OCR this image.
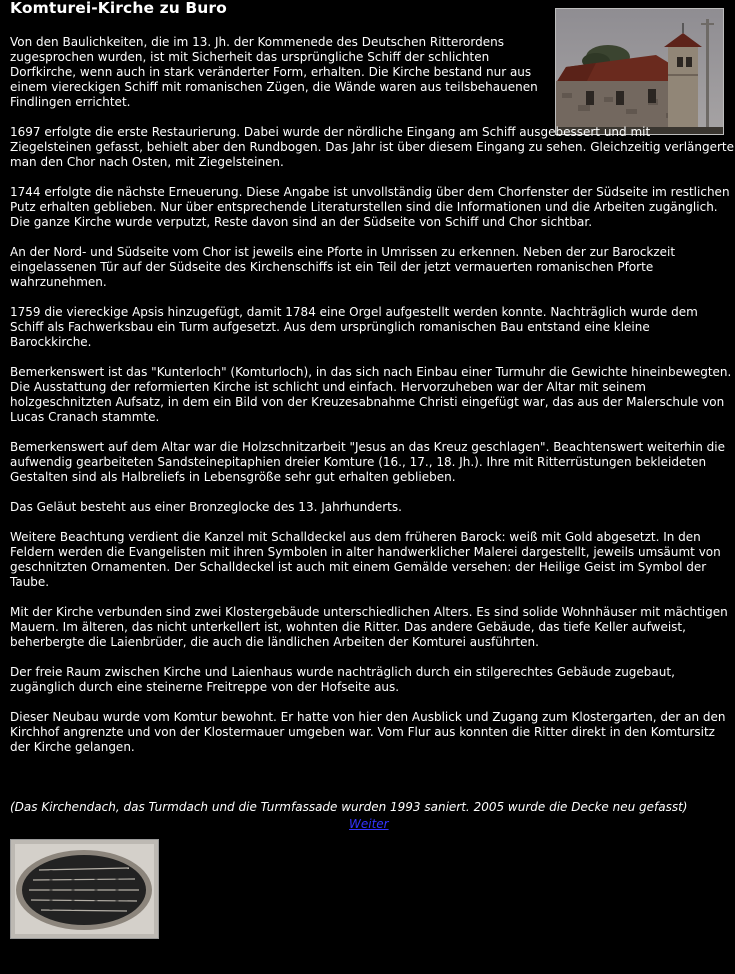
Komturei-Kirche zu Buro

Von den Baulichkeiten, die im 13. Jh. der Kommenede des Deutschen Ritterordens zugesprochen wurden, ist mit Sicherheit das ursprüngliche Schiff der schlichten Dorfkirche, wenn auch in stark veränderter Form, erhalten. Die Kirche bestand nur aus einem viereckigen Schiff mit romanischen Zügen, die Wände waren aus teilsbehauenen Findlingen errichtet.

1697 erfolgte die erste Restaurierung. Dabei wurde der nördliche Eingang am Schiff ausgebessert und mit Ziegelsteinen gefasst, behielt aber den Rundbogen. Das Jahr ist über diesem Eingang zu sehen. Gleichzeitig verlängerte man den Chor nach Osten, mit Ziegelsteinen.

1744 erfolgte die nächste Erneuerung. Diese Angabe ist unvollständig über dem Chorfenster der Südseite im restlichen Putz erhalten geblieben. Nur über entsprechende Literaturstellen sind die Informationen und die Arbeiten zugänglich. Die ganze Kirche wurde verputzt, Reste davon sind an der Südseite von Schiff und Chor sichtbar.

An der Nord- und Südseite vom Chor ist jeweils eine Pforte in Umrissen zu erkennen. Neben der zur Barockzeit eingelassenen Tür auf der Südseite des Kirchenschiffs ist ein Teil der jetzt vermauerten romanischen Pforte wahrzunehmen.

1759 die viereckige Apsis hinzugefügt, damit 1784 eine Orgel aufgestellt werden konnte. Nachträglich wurde dem Schiff als Fachwerksbau ein Turm aufgesetzt. Aus dem ursprünglich romanischen Bau entstand eine kleine Barockkirche.

Bemerkenswert ist das "Kunterloch" (Komturloch), in das sich nach Einbau einer Turmuhr die Gewichte hineinbewegten. Die Ausstattung der reformierten Kirche ist schlicht und einfach. Hervorzuheben war der Altar mit seinem holzgeschnitzten Aufsatz, in dem ein Bild von der Kreuzesabnahme Christi eingefügt war, das aus der Malerschule von Lucas Cranach stammte.

Bemerkenswert auf dem Altar war die Holzschnitzarbeit "Jesus an das Kreuz geschlagen". Beachtenswert weiterhin die aufwendig gearbeiteten Sandsteinepitaphien dreier Komture (16., 17., 18. Jh.). Ihre mit Ritterrüstungen bekleideten Gestalten sind als Halbreliefs in Lebensgröße sehr gut erhalten geblieben.

Das Geläut besteht aus einer Bronzeglocke des 13. Jahrhunderts.

Weitere Beachtung verdient die Kanzel mit Schalldeckel aus dem früheren Barock: weiß mit Gold abgesetzt. In den Feldern werden die Evangelisten mit ihren Symbolen in alter handwerklicher Malerei dargestellt, jeweils umsäumt von geschnitzten Ornamenten. Der Schalldeckel ist auch mit einem Gemälde versehen: der Heilige Geist im Symbol der Taube.

Mit der Kirche verbunden sind zwei Klostergebäude unterschiedlichen Alters. Es sind solide Wohnhäuser mit mächtigen Mauern. Im älteren, das nicht unterkellert ist, wohnten die Ritter. Das andere Gebäude, das tiefe Keller aufweist, beherbergte die Laienbrüder, die auch die ländlichen Arbeiten der Komturei ausführten.

Der freie Raum zwischen Kirche und Laienhaus wurde nachträglich durch ein stilgerechtes Gebäude zugebaut, zugänglich durch eine steinerne Freitreppe von der Hofseite aus.

Dieser Neubau wurde vom Komtur bewohnt. Er hatte von hier den Ausblick und Zugang zum Klostergarten, der an den Kirchhof angrenzte und von der Klostermauer umgeben war. Vom Flur aus konnten die Ritter direkt in den Komtursitz der Kirche gelangen.

(Das Kirchendach, das Turmdach und die Turmfassade wurden 1993 saniert. 2005 wurde die Decke neu gefasst)
Weiter
